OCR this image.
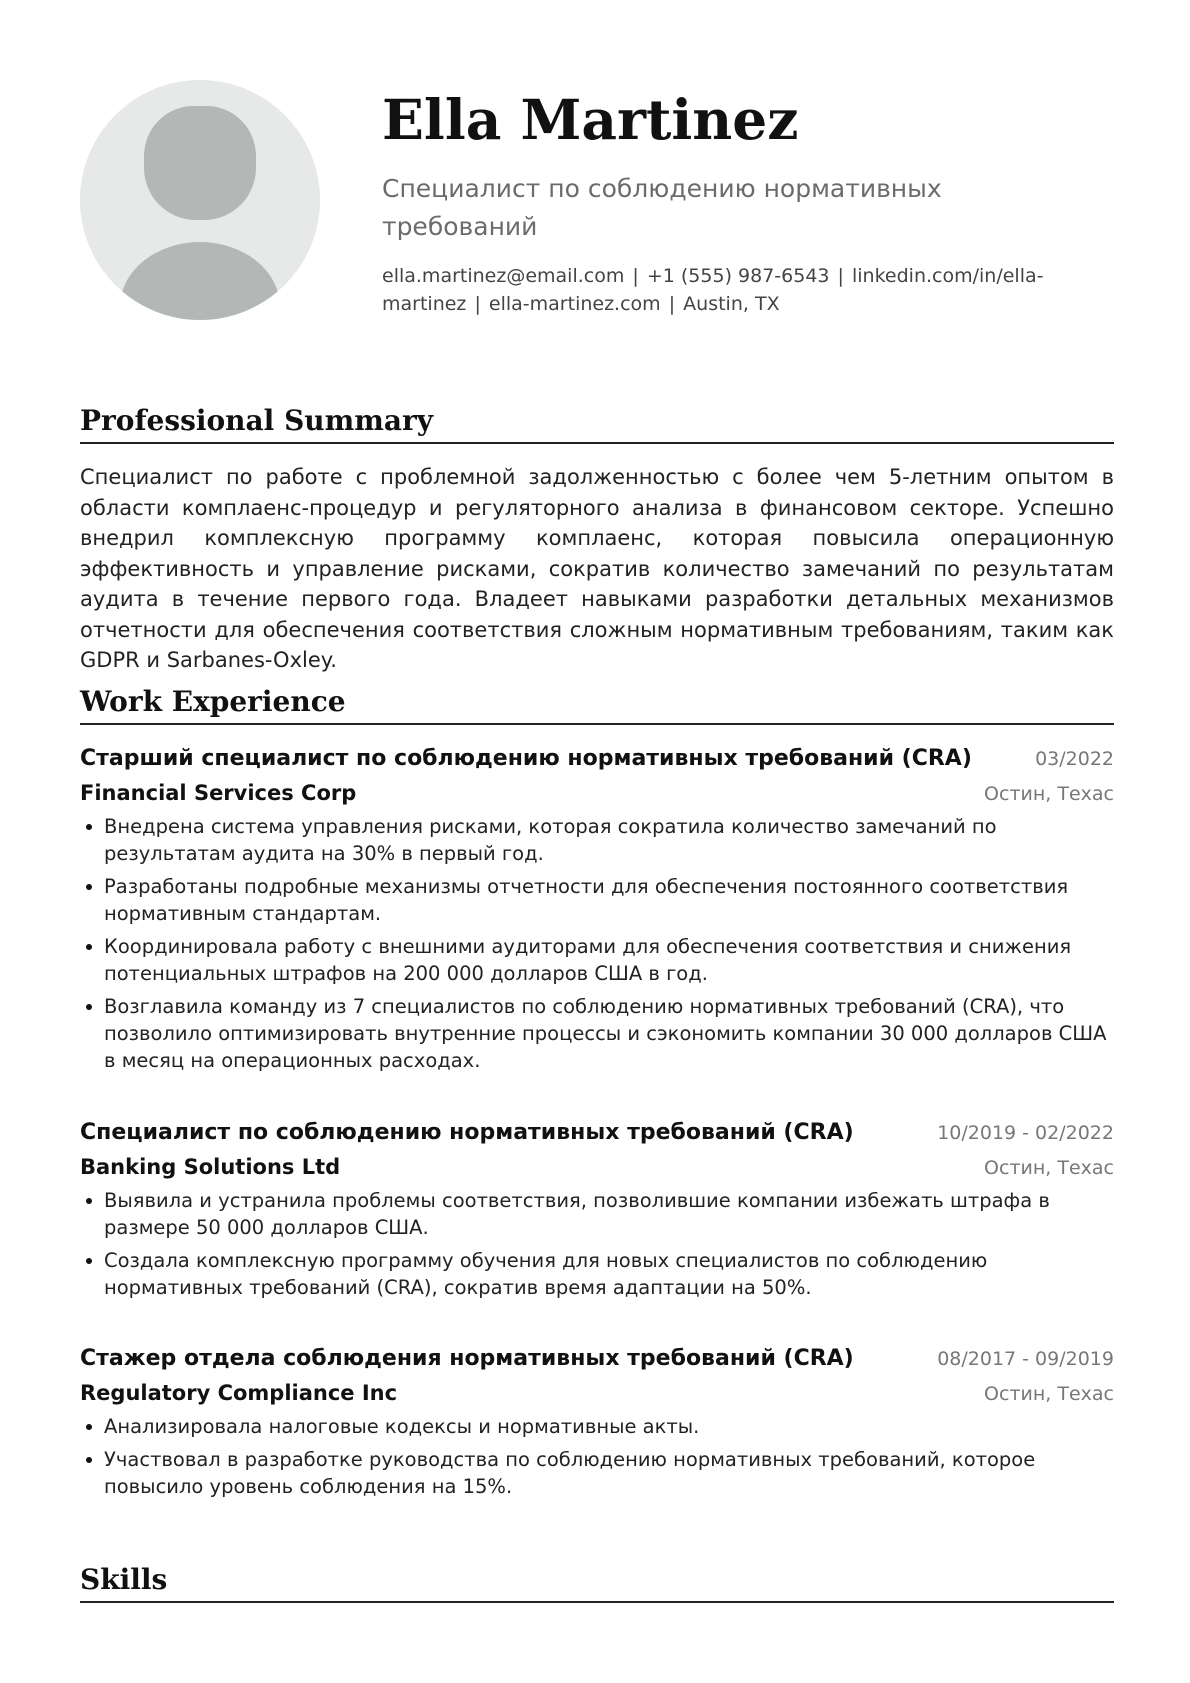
Ella Martinez
Специалист по соблюдению нормативных требований
ella.martinez@email.com | +1 (555) 987-6543 | linkedin.com/in/ella-martinez | ella-martinez.com | Austin, TX
Professional Summary

Специалист по работе с проблемной задолженностью с более чем 5-летним опытом в области комплаенс-процедур и регуляторного анализа в финансовом секторе. Успешно внедрил комплексную программу комплаенс, которая повысила операционную эффективность и управление рисками, сократив количество замечаний по результатам аудита в течение первого года. Владеет навыками разработки детальных механизмов отчетности для обеспечения соответствия сложным нормативным требованиям, таким как GDPR и Sarbanes-Oxley.

Work Experience
Старший специалист по соблюдению нормативных требований (CRA)	03/2022
Financial Services Corp	Остин, Техас
Внедрена система управления рисками, которая сократила количество замечаний по результатам аудита на 30% в первый год.
Разработаны подробные механизмы отчетности для обеспечения постоянного соответствия нормативным стандартам.
Координировала работу с внешними аудиторами для обеспечения соответствия и снижения потенциальных штрафов на 200 000 долларов США в год.
Возглавила команду из 7 специалистов по соблюдению нормативных требований (CRA), что позволило оптимизировать внутренние процессы и сэкономить компании 30 000 долларов США в месяц на операционных расходах.
Специалист по соблюдению нормативных требований (CRA)	10/2019 - 02/2022
Banking Solutions Ltd	Остин, Техас
Выявила и устранила проблемы соответствия, позволившие компании избежать штрафа в размере 50 000 долларов США.
Создала комплексную программу обучения для новых специалистов по соблюдению нормативных требований (CRA), сократив время адаптации на 50%.
Стажер отдела соблюдения нормативных требований (CRA)	08/2017 - 09/2019
Regulatory Compliance Inc	Остин, Техас
Анализировала налоговые кодексы и нормативные акты.
Участвовал в разработке руководства по соблюдению нормативных требований, которое повысило уровень соблюдения на 15%.
Skills
